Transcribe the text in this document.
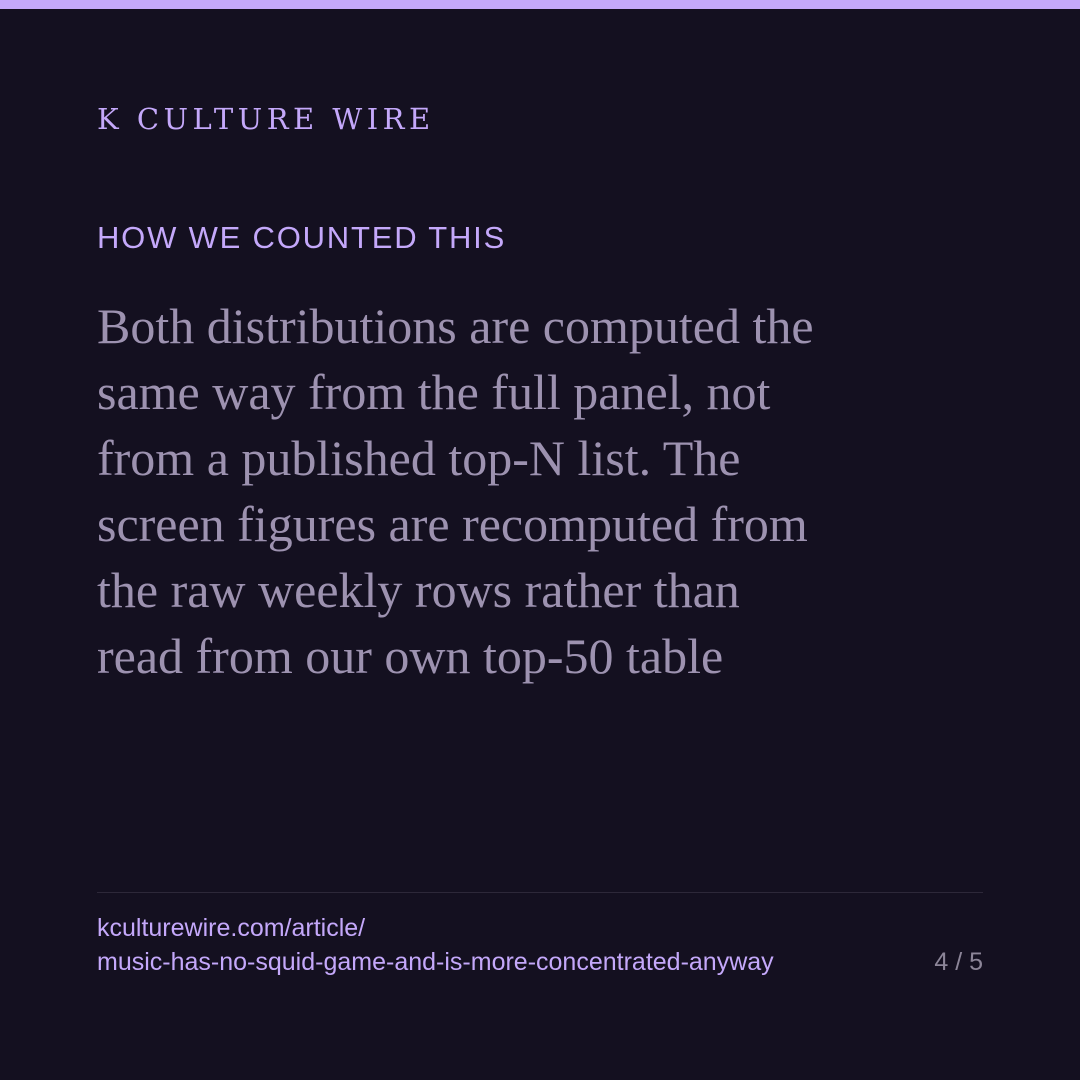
K CULTURE WIRE
HOW WE COUNTED THIS
Both distributions are computed the
same way from the full panel, not
from a published top-N list. The
screen figures are recomputed from
the raw weekly rows rather than
read from our own top-50 table
kculturewire.com/article/
music-has-no-squid-game-and-is-more-concentrated-anyway	4 / 5
